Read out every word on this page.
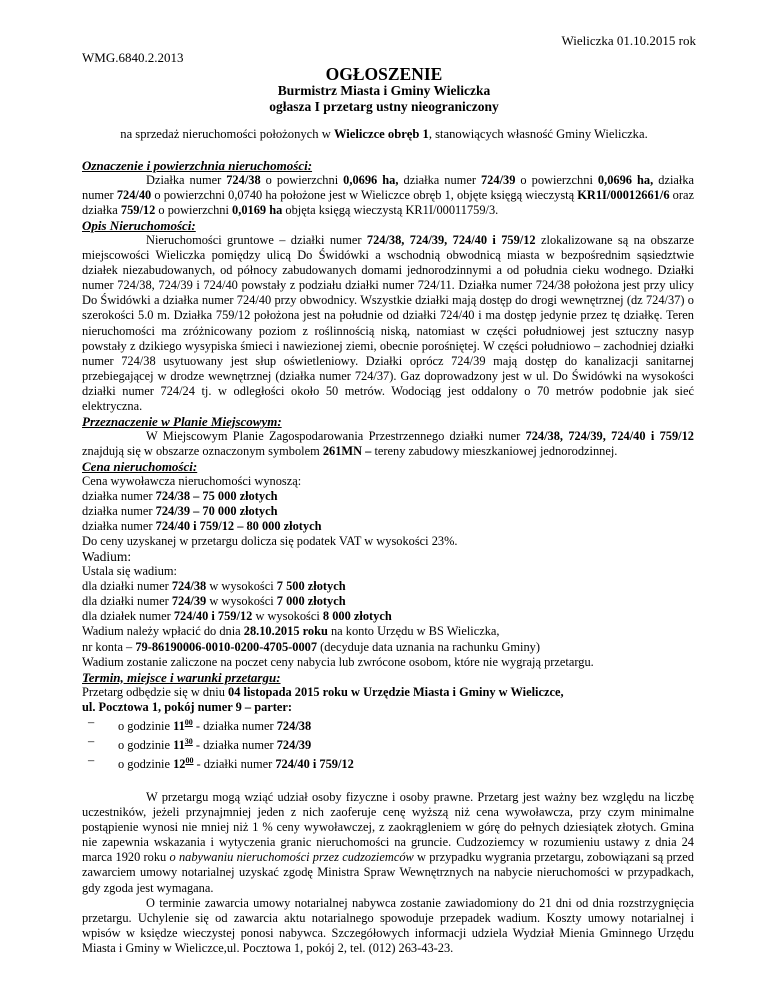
Wieliczka 01.10.2015 rok
WMG.6840.2.2013
OGŁOSZENIE
Burmistrz Miasta i Gminy Wieliczka
ogłasza I przetarg ustny nieograniczony
na sprzedaż nieruchomości położonych w Wieliczce obręb 1, stanowiących własność Gminy Wieliczka.
Oznaczenie i powierzchnia nieruchomości:
Działka numer 724/38 o powierzchni 0,0696 ha, działka numer 724/39 o powierzchni 0,0696 ha, działka numer 724/40 o powierzchni 0,0740 ha położone jest w Wieliczce obręb 1, objęte księgą wieczystą KR1I/00012661/6 oraz działka 759/12 o powierzchni 0,0169 ha objęta księgą wieczystą KR1I/00011759/3.
Opis Nieruchomości:
Nieruchomości gruntowe – działki numer 724/38, 724/39, 724/40 i 759/12 zlokalizowane są na obszarze miejscowości Wieliczka pomiędzy ulicą Do Świdówki a wschodnią obwodnicą miasta w bezpośrednim sąsiedztwie działek niezabudowanych, od północy zabudowanych domami jednorodzinnymi a od południa cieku wodnego. Działki numer 724/38, 724/39 i 724/40 powstały z podziału działki numer 724/11. Działka numer 724/38 położona jest przy ulicy Do Świdówki a działka numer 724/40 przy obwodnicy. Wszystkie działki mają dostęp do drogi wewnętrznej (dz 724/37) o szerokości 5.0 m. Działka 759/12 położona jest na południe od działki 724/40 i ma dostęp jedynie przez tę działkę. Teren nieruchomości ma zróżnicowany poziom z roślinnością niską, natomiast w części południowej jest sztuczny nasyp powstały z dzikiego wysypiska śmieci i nawiezionej ziemi, obecnie porośniętej. W części południowo – zachodniej działki numer 724/38 usytuowany jest słup oświetleniowy. Działki oprócz 724/39 mają dostęp do kanalizacji sanitarnej przebiegającej w drodze wewnętrznej (działka numer 724/37). Gaz doprowadzony jest w ul. Do Świdówki na wysokości działki numer 724/24 tj. w odległości około 50 metrów. Wodociąg jest oddalony o 70 metrów podobnie jak sieć elektryczna.
Przeznaczenie w Planie Miejscowym:
W Miejscowym Planie Zagospodarowania Przestrzennego działki numer 724/38, 724/39, 724/40 i 759/12 znajdują się w obszarze oznaczonym symbolem 261MN – tereny zabudowy mieszkaniowej jednorodzinnej.
Cena nieruchomości:
Cena wywoławcza nieruchomości wynoszą:
działka numer 724/38 – 75 000 złotych
działka numer 724/39 – 70 000 złotych
działka numer 724/40 i 759/12 – 80 000 złotych
Do ceny uzyskanej w przetargu dolicza się podatek VAT w wysokości 23%.
Wadium:
Ustala się wadium:
dla działki numer 724/38 w wysokości 7 500 złotych
dla działki numer 724/39 w wysokości 7 000 złotych
dla działek numer 724/40 i 759/12 w wysokości 8 000 złotych
Wadium należy wpłacić do dnia 28.10.2015 roku na konto Urzędu w BS Wieliczka,
nr konta – 79-86190006-0010-0200-4705-0007 (decyduje data uznania na rachunku Gminy)
Wadium zostanie zaliczone na poczet ceny nabycia lub zwrócone osobom, które nie wygrają przetargu.
Termin, miejsce i warunki przetargu:
Przetarg odbędzie się w dniu 04 listopada 2015 roku w Urzędzie Miasta i Gminy w Wieliczce,
ul. Pocztowa 1, pokój numer 9 – parter:
– o godzinie $11^{00}$ - działka numer 724/38
– o godzinie $11^{30}$ - działka numer 724/39
– o godzinie $12^{00}$ - działki numer 724/40 i 759/12
W przetargu mogą wziąć udział osoby fizyczne i osoby prawne. Przetarg jest ważny bez względu na liczbę uczestników, jeżeli przynajmniej jeden z nich zaoferuje cenę wyższą niż cena wywoławcza, przy czym minimalne postąpienie wynosi nie mniej niż 1 % ceny wywoławczej, z zaokrągleniem w górę do pełnych dziesiątek złotych. Gmina nie zapewnia wskazania i wytyczenia granic nieruchomości na gruncie. Cudzoziemcy w rozumieniu ustawy z dnia 24 marca 1920 roku o nabywaniu nieruchomości przez cudzoziemców w przypadku wygrania przetargu, zobowiązani są przed zawarciem umowy notarialnej uzyskać zgodę Ministra Spraw Wewnętrznych na nabycie nieruchomości w przypadkach, gdy zgoda jest wymagana.
O terminie zawarcia umowy notarialnej nabywca zostanie zawiadomiony do 21 dni od dnia rozstrzygnięcia przetargu. Uchylenie się od zawarcia aktu notarialnego spowoduje przepadek wadium. Koszty umowy notarialnej i wpisów w księdze wieczystej ponosi nabywca. Szczegółowych informacji udziela Wydział Mienia Gminnego Urzędu Miasta i Gminy w Wieliczce,ul. Pocztowa 1, pokój 2, tel. (012) 263-43-23.
